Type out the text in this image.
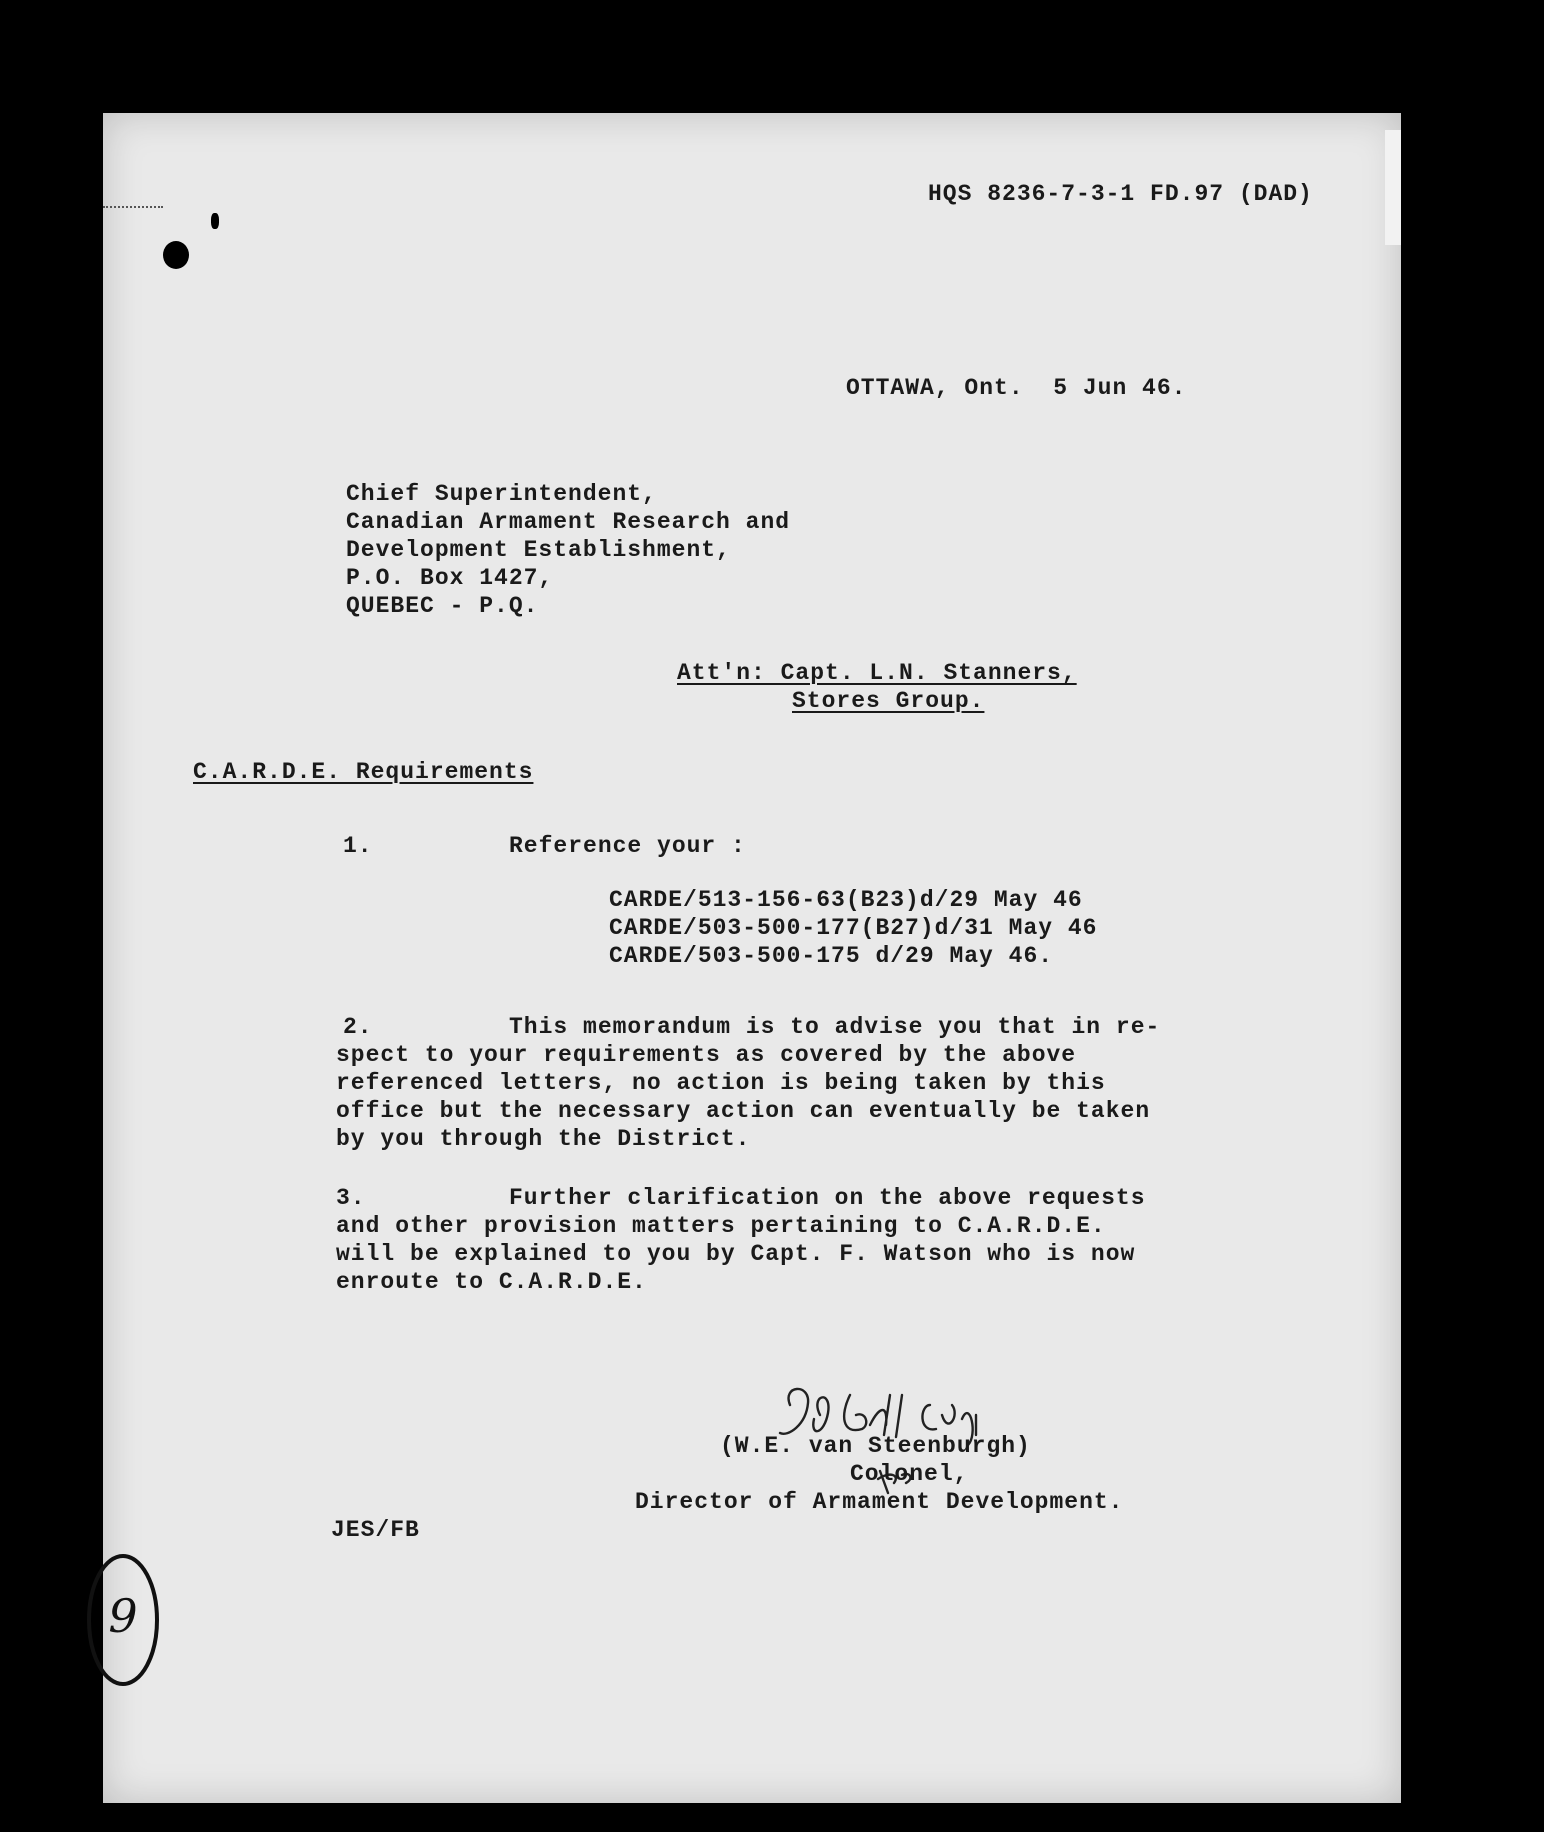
HQS 8236-7-3-1 FD.97 (DAD)
OTTAWA, Ont.  5 Jun 46.
Chief Superintendent,
Canadian Armament Research and
Development Establishment,
P.O. Box 1427,
QUEBEC - P.Q.
Att'n: Capt. L.N. Stanners,
Stores Group.
C.A.R.D.E. Requirements
1.	Reference your :
CARDE/513-156-63(B23)d/29 May 46
CARDE/503-500-177(B27)d/31 May 46
CARDE/503-500-175 d/29 May 46.
2.	This memorandum is to advise you that in re-
spect to your requirements as covered by the above
referenced letters, no action is being taken by this
office but the necessary action can eventually be taken
by you through the District.
3.	Further clarification on the above requests
and other provision matters pertaining to C.A.R.D.E.
will be explained to you by Capt. F. Watson who is now
enroute to C.A.R.D.E.
(W.E. van Steenburgh)
Colonel,
Director of Armament Development.
JES/FB
9
